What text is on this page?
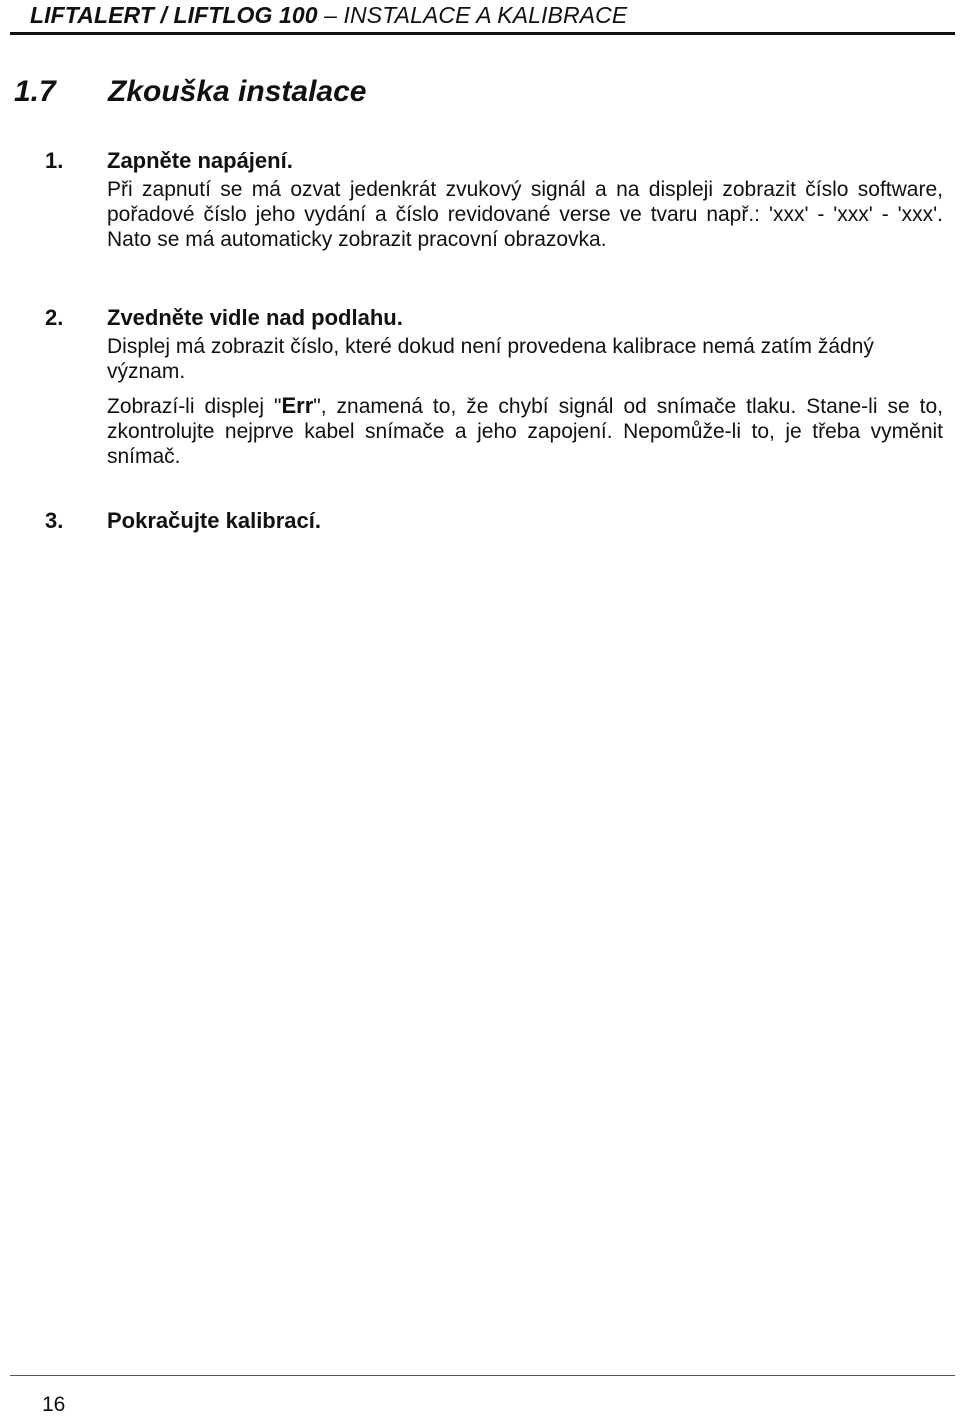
LIFTALERT / LIFTLOG 100 – INSTALACE A KALIBRACE
1.7 Zkouška instalace
1. Zapněte napájení.

Při zapnutí se má ozvat jedenkrát zvukový signál a na displeji zobrazit číslo software, pořadové číslo jeho vydání a číslo revidované verse ve tvaru např.: 'xxx' - 'xxx' - 'xxx'. Nato se má automaticky zobrazit pracovní obrazovka.

2. Zvedněte vidle nad podlahu.

Displej má zobrazit číslo, které dokud není provedena kalibrace nemá zatím žádný význam.

Zobrazí-li displej "Err", znamená to, že chybí signál od snímače tlaku. Stane-li se to, zkontrolujte nejprve kabel snímače a jeho zapojení. Nepomůže-li to, je třeba vyměnit snímač.

3. Pokračujte kalibrací.
16
